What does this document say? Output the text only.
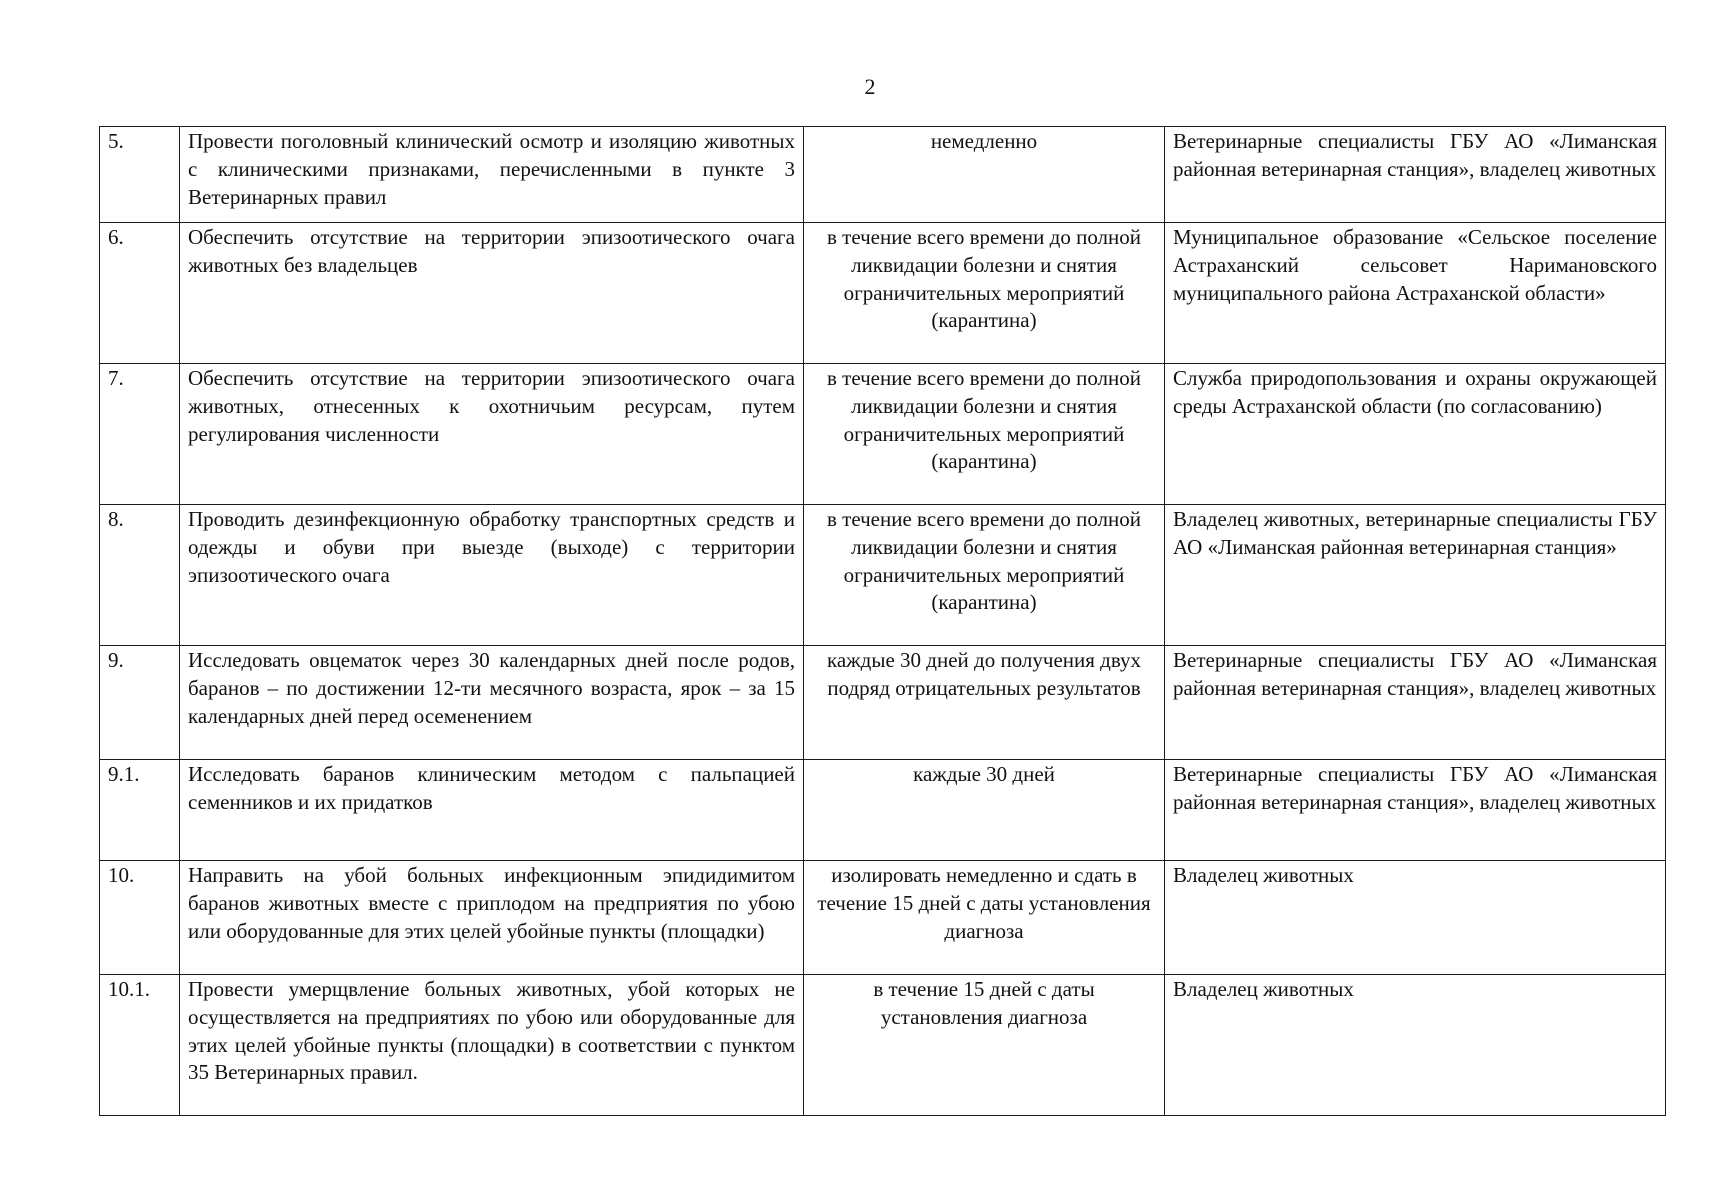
2
5.	Провести поголовный клинический осмотр и изоляцию животных с клиническими признаками, перечисленными в пункте 3 Ветеринарных правил	немедленно	Ветеринарные специалисты ГБУ АО «Лиманская районная ветеринарная станция», владелец животных
6.	Обеспечить отсутствие на территории эпизоотического очага животных без владельцев	в течение всего времени до полной ликвидации болезни и снятия ограничительных мероприятий (карантина)	Муниципальное образование «Сельское поселение Астраханский сельсовет Наримановского муниципального района Астраханской области»
7.	Обеспечить отсутствие на территории эпизоотического очага животных, отнесенных к охотничьим ресурсам, путем регулирования численности	в течение всего времени до полной ликвидации болезни и снятия ограничительных мероприятий (карантина)	Служба природопользования и охраны окружающей среды Астраханской области (по согласованию)
8.	Проводить дезинфекционную обработку транспортных средств и одежды и обуви при выезде (выходе) с территории эпизоотического очага	в течение всего времени до полной ликвидации болезни и снятия ограничительных мероприятий (карантина)	Владелец животных, ветеринарные специалисты ГБУ АО «Лиманская районная ветеринарная станция»
9.	Исследовать овцематок через 30 календарных дней после родов, баранов – по достижении 12-ти месячного возраста, ярок – за 15 календарных дней перед осеменением	каждые 30 дней до получения двух подряд отрицательных результатов	Ветеринарные специалисты ГБУ АО «Лиманская районная ветеринарная станция», владелец животных
9.1.	Исследовать баранов клиническим методом с пальпацией семенников и их придатков	каждые 30 дней	Ветеринарные специалисты ГБУ АО «Лиманская районная ветеринарная станция», владелец животных
10.	Направить на убой больных инфекционным эпидидимитом баранов животных вместе с приплодом на предприятия по убою или оборудованные для этих целей убойные пункты (площадки)	изолировать немедленно и сдать в течение 15 дней с даты установления диагноза	Владелец животных
10.1.	Провести умерщвление больных животных, убой которых не осуществляется на предприятиях по убою или оборудованные для этих целей убойные пункты (площадки) в соответствии с пунктом 35 Ветеринарных правил.	в течение 15 дней с даты установления диагноза	Владелец животных
